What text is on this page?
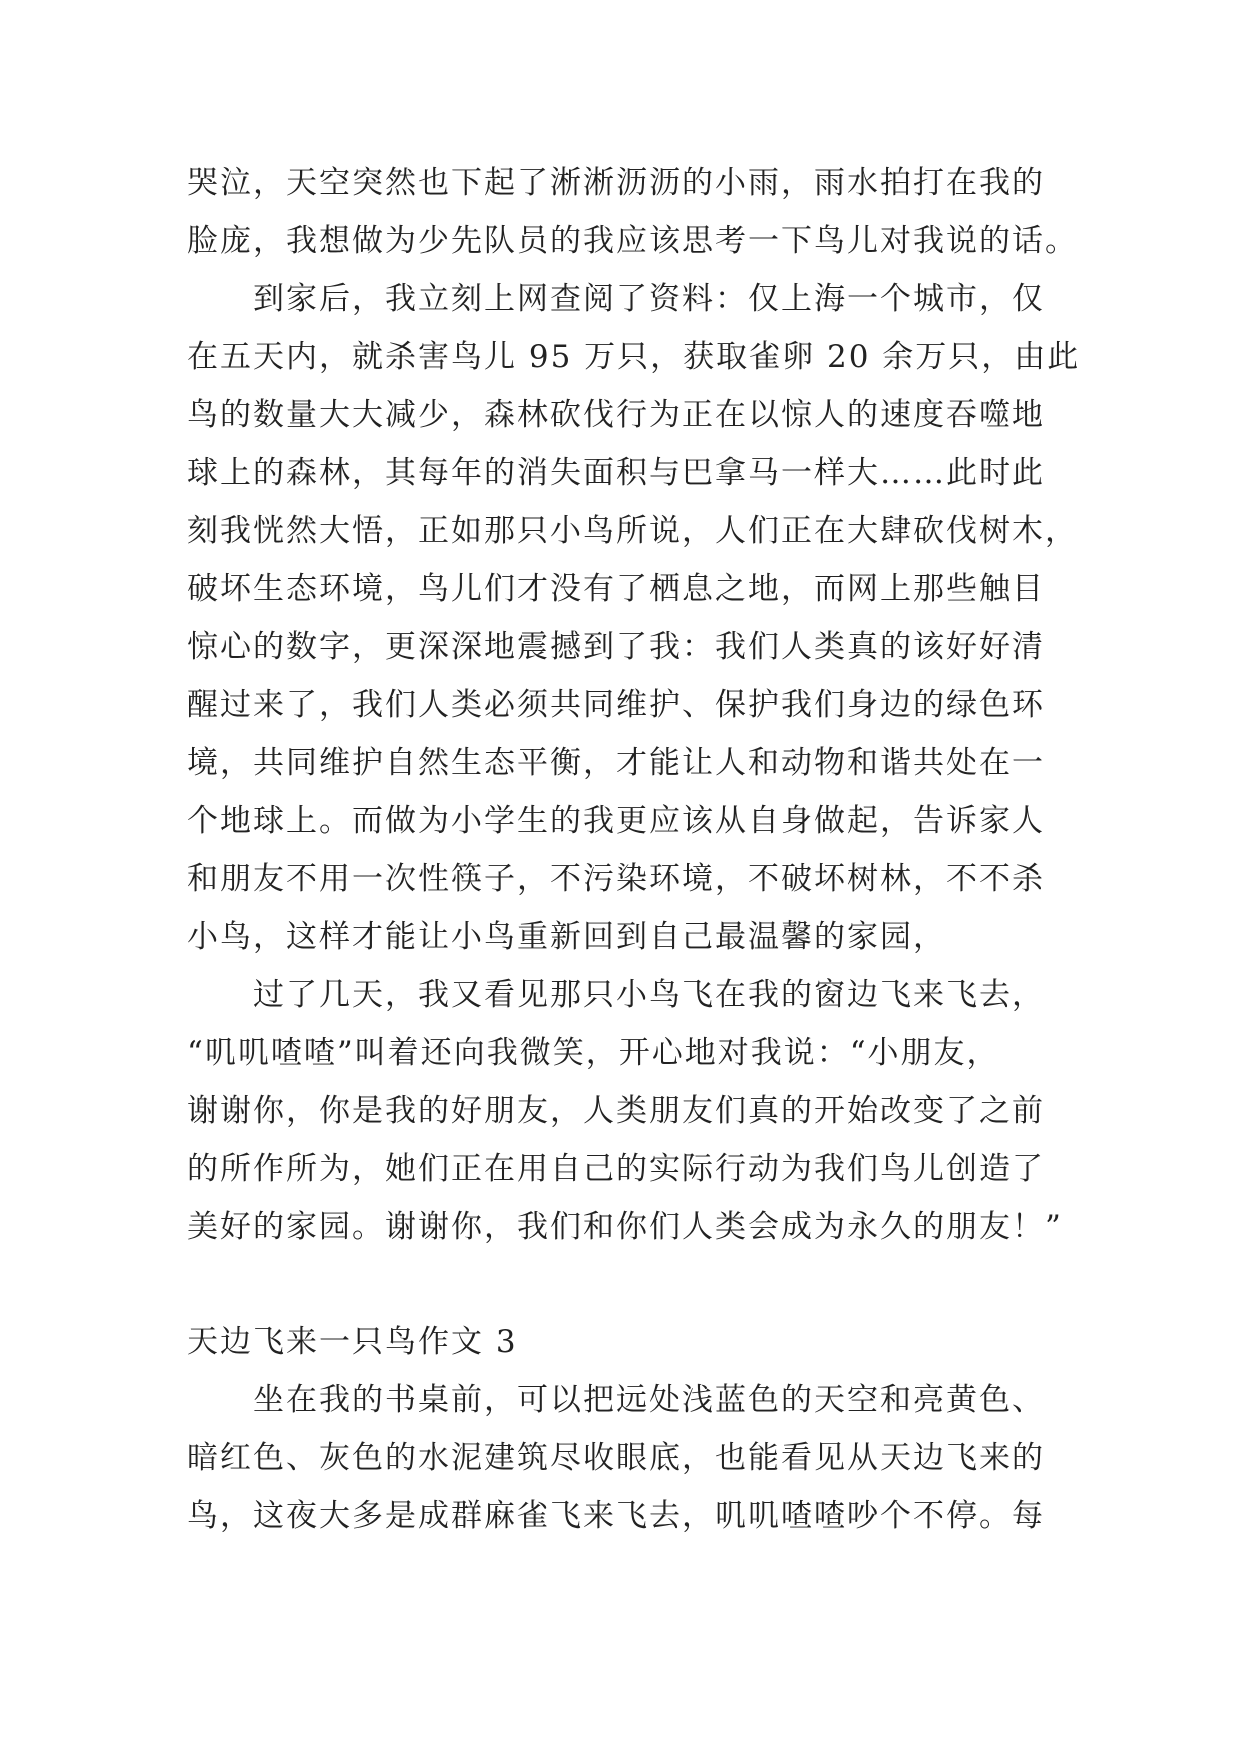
哭泣，天空突然也下起了淅淅沥沥的小雨，雨水拍打在我的
脸庞，我想做为少先队员的我应该思考一下鸟儿对我说的话。
到家后，我立刻上网查阅了资料：仅上海一个城市，仅
在五天内，就杀害鸟儿 95 万只，获取雀卵 20 余万只，由此
鸟的数量大大减少，森林砍伐行为正在以惊人的速度吞噬地
球上的森林，其每年的消失面积与巴拿马一样大……此时此
刻我恍然大悟，正如那只小鸟所说，人们正在大肆砍伐树木，
破坏生态环境，鸟儿们才没有了栖息之地，而网上那些触目
惊心的数字，更深深地震撼到了我：我们人类真的该好好清
醒过来了，我们人类必须共同维护、保护我们身边的绿色环
境，共同维护自然生态平衡，才能让人和动物和谐共处在一
个地球上。而做为小学生的我更应该从自身做起，告诉家人
和朋友不用一次性筷子，不污染环境，不破坏树林，不不杀
小鸟，这样才能让小鸟重新回到自己最温馨的家园，
过了几天，我又看见那只小鸟飞在我的窗边飞来飞去，
“叽叽喳喳”叫着还向我微笑，开心地对我说：“小朋友，
谢谢你，你是我的好朋友，人类朋友们真的开始改变了之前
的所作所为，她们正在用自己的实际行动为我们鸟儿创造了
美好的家园。谢谢你，我们和你们人类会成为永久的朋友！”
天边飞来一只鸟作文 3
坐在我的书桌前，可以把远处浅蓝色的天空和亮黄色、
暗红色、灰色的水泥建筑尽收眼底，也能看见从天边飞来的
鸟，这夜大多是成群麻雀飞来飞去，叽叽喳喳吵个不停。每
